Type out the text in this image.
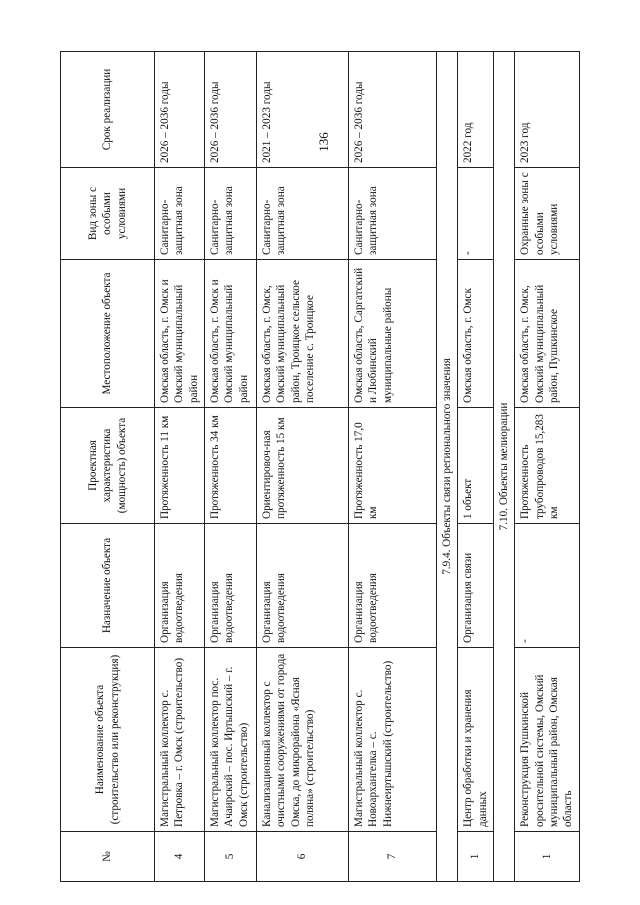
136
№	Наименование объекта (строительство или реконструкция)	Назначение объекта	Проектная характеристика (мощность) объекта	Местоположение объекта	Вид зоны с особыми условиями	Срок реализации
4	Магистральный коллектор с. Петровка – г. Омск (строительство)	Организация водоотведения	Протяженность 11 км	Омская область, г. Омск и Омский муниципальный район	Санитарно-защитная зона	2026 – 2036 годы
5	Магистральный коллектор пос. Ачаирский – пос. Иртышский – г. Омск (строительство)	Организация водоотведения	Протяженность 34 км	Омская область, г. Омск и Омский муниципальный район	Санитарно-защитная зона	2026 – 2036 годы
6	Канализационный коллектор с очистными сооружениями от города Омска, до микрорайона «Ясная поляна» (строительство)	Организация водоотведения	Ориентировоч-ная протяженность 15 км	Омская область, г. Омск, Омский муниципальный район, Троицкое сельское поселение с. Троицкое	Санитарно-защитная зона	2021 – 2023 годы
7	Магистральный коллектор с. Новоархангелка – с. Нижнеиртышский (строительство)	Организация водоотведения	Протяженность 17,0 км	Омская область, Саргатский и Любинский муниципальные районы	Санитарно-защитная зона	2026 – 2036 годы
7.9.4. Объекты связи регионального значения						
1	Центр обработки и хранения данных	Организация связи	1 объект	Омская область, г. Омск	-	2022 год
7.10. Объекты мелиорации						
1	Реконструкция Пушкинской оросительной системы, Омский муниципальный район, Омская область	-	Протяженность трубопроводов 15,283 км	Омская область, г. Омск, Омский муниципальный район, Пушкинское	Охранные зоны с особыми условиями	2023 год
